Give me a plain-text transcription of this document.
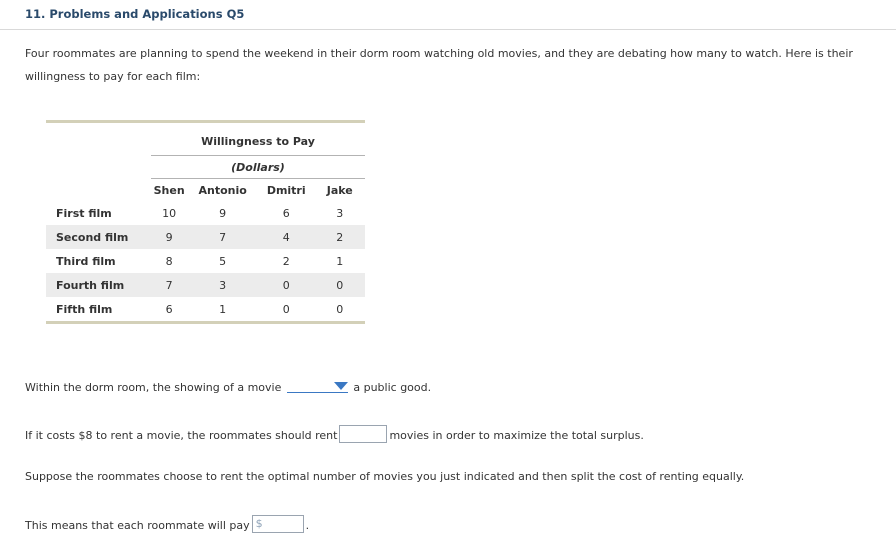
11. Problems and Applications Q5
Four roommates are planning to spend the weekend in their dorm room watching old movies, and they are debating how many to watch. Here is their willingness to pay for each film:
	Willingness to Pay			
	(Dollars)			
	Shen	Antonio	Dmitri	Jake
First film	10	9	6	3
Second film	9	7	4	2
Third film	8	5	2	1
Fourth film	7	3	0	0
Fifth film	6	1	0	0
Within the dorm room, the showing of a movie	a public good.
If it costs $8 to rent a movie, the roommates should rent	movies in order to maximize the total surplus.
Suppose the roommates choose to rent the optimal number of movies you just indicated and then split the cost of renting equally.
This means that each roommate will pay $	.
